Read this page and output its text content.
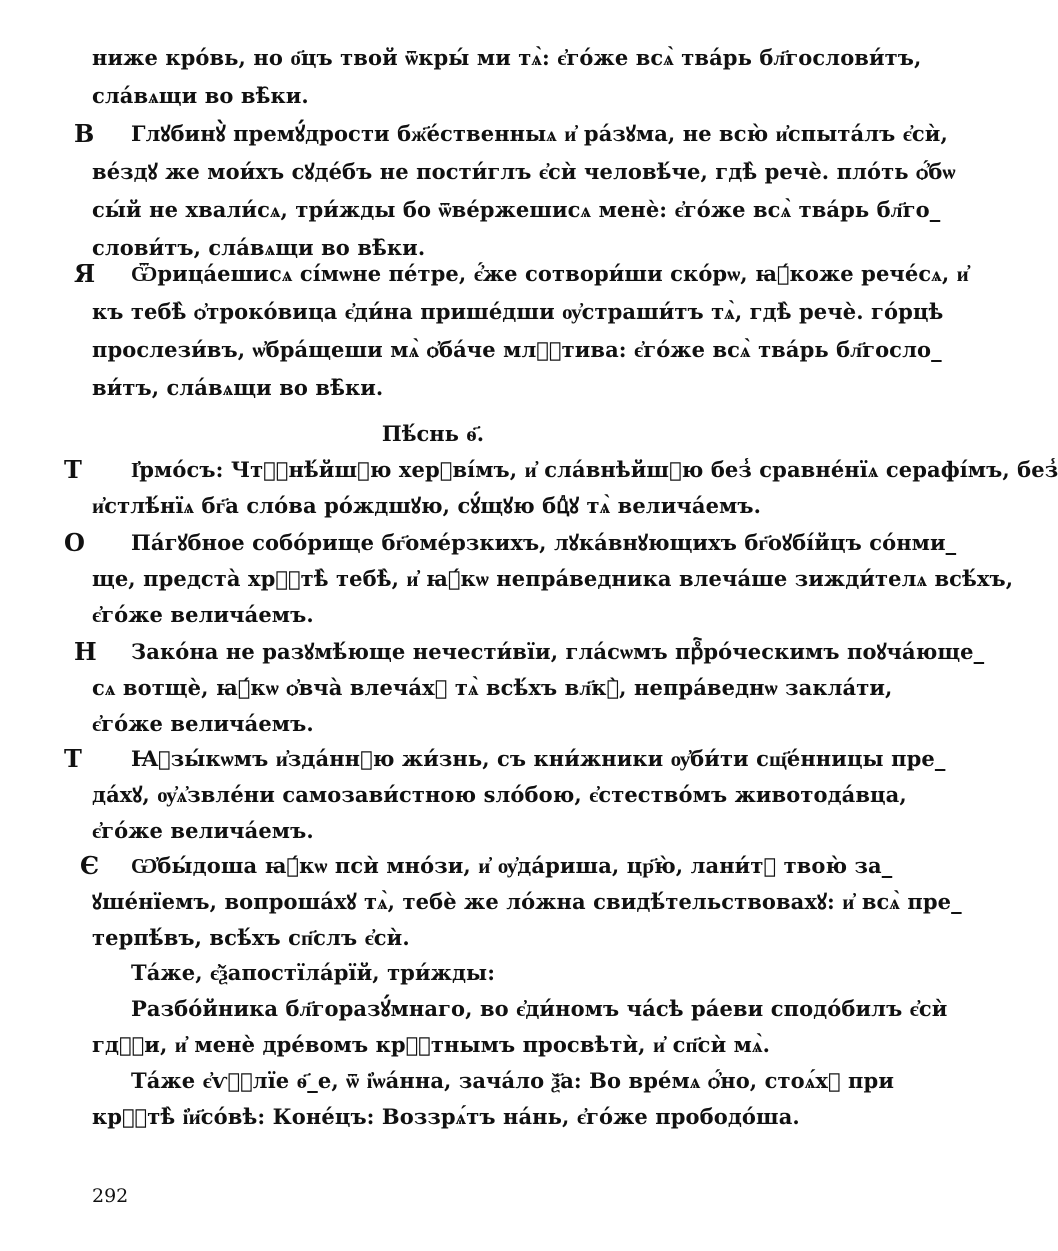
ниже кро́вь, но о҃цъ твой ѿкры́ ми тѧ̀: є҆го́же всѧ̀ тва́рь бл҃гослови́тъ,
сла́вѧщи во вѣ̑ки.
В Глꙋбинꙋ̀ премꙋ́дрости бж҃е́ственныѧ и҆ ра́зꙋма, не всю̀ и҆спыта́лъ є҆сѝ,
ве́здꙋ же мои́хъ сꙋде́бъ не пости́глъ є҆сѝ человѣ́че, гдѣ̀ речѐ. пло́ть ѻ҆́бѡ
сы́й не хвали́сѧ, три́жды бо ѿве́ржешисѧ менѐ: є҆го́же всѧ̀ тва́рь бл҃го_
слови́тъ, сла́вѧщи во вѣ̑ки.
Я Ѿрица́ешисѧ сі́мѡне пе́тре, є҆́же сотвори́ши ско́рѡ, ꙗ҆́коже рече́сѧ, и҆
къ тебѣ̀ ѻ҆троко́вица є҆ди́на прише́дши ѹ҆страши́тъ тѧ̀, гдѣ̀ речѐ. го́рцѣ
прослези́въ, ѡ҆бра́щеши мѧ̀ ѻ҆ба́че млⷭ҇тива: є҆го́же всѧ̀ тва́рь бл҃госло_
ви́тъ, сла́вѧщи во вѣ̑ки.
Пѣ́снь ѳ҃.
Т І҆рмо́съ: Чтⷭ҇нѣ́йшꙋю херꙋві́мъ, и҆ сла́внѣйшꙋю без̾ сравне́нїѧ серафі́мъ, без̾
и҆стлѣ́нїѧ бг҃а сло́ва ро́ждшꙋю, сꙋ́щꙋю бцⷣꙋ тѧ̀ велича́емъ.
О Па́гꙋбное собо́рище бг҃оме́рзкихъ, лꙋка́внꙋющихъ бг҃оꙋбі́йцъ со́нми_
ще, предста̀ хрⷭ҇тѣ̀ тебѣ̀, и҆ ꙗ҆́кѡ непра́ведника влеча́ше зижди́телѧ всѣ́хъ,
є҆го́же велича́емъ.
Н Зако́на не разꙋмѣ́юще нечести́вїи, гла́сѡмъ прⷪ҇ро́ческимъ поꙋча́юще_
сѧ вотщѐ, ꙗ҆́кѡ ѻ҆вча̀ влеча́хꙋ тѧ̀ всѣ́хъ вл҃кꙋ̀, непра́веднѡ закла́ти,
є҆го́же велича́емъ.
Т Ꙗ҆зы́кѡмъ и҆зда́ннꙋю жи́знь, съ кни́жники ѹ҆би́ти сщ҃е́нницы пре_
да́хꙋ, ѹ҆ѧ҆звле́ни самозави́стною ѕло́бою, є҆стество́мъ животода́вца,
є҆го́же велича́емъ.
Є Ѡ҆бы́доша ꙗ҆́кѡ псѝ мно́зи, и҆ ѹ҆да́риша, цр҃ю̀, лани́тꙋ твою̀ за_
ꙋше́нїемъ, вопроша́хꙋ тѧ̀, тебѐ же ло́жна свидѣ́тельствовахꙋ: и҆ всѧ̀ пре_
терпѣ́въ, всѣ́хъ сп҃слъ є҆сѝ.
Та́же, є҆ѯапостїла́рїй, три́жды:
Разбо́йника бл҃горазꙋ́мнаго, во є҆ди́номъ ча́сѣ ра́еви сподо́билъ є҆сѝ
гдⷭ҇и, и҆ менѐ дре́вомъ крⷭ҇тнымъ просвѣтѝ, и҆ сп҃сѝ мѧ̀.
Та́же є҆ѵⷢ҇лїе ѳ҃_е, ѿ і҆ѡа́нна, зача́ло ѯ҃а: Во вре́мѧ ѻ҆́но, стоѧ́хꙋ при
крⷭ҇тѣ̀ і҆и҃со́вѣ: Коне́цъ: Воззрѧ́тъ на́нь, є҆го́же прободо́ша.
292
